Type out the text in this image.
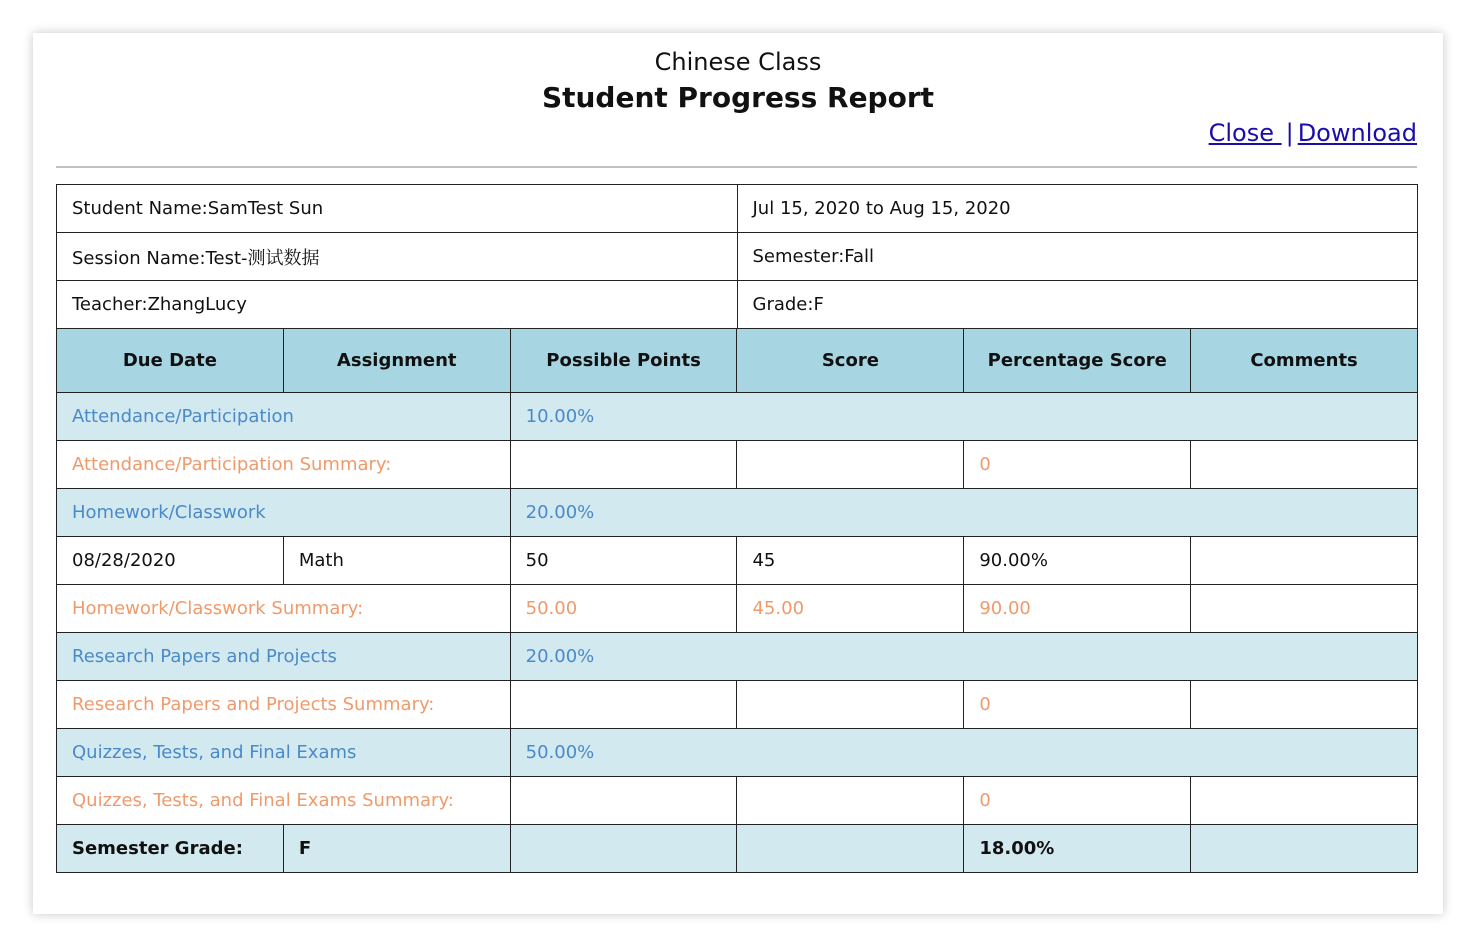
Chinese Class
Student Progress Report
Close | Download
Student Name:SamTest Sun	Jul 15, 2020 to Aug 15, 2020
Session Name:Test-测试数据	Semester:Fall
Teacher:ZhangLucy	Grade:F
Due Date	Assignment	Possible Points	Score	Percentage Score	Comments
Attendance/Participation		10.00%			
Attendance/Participation Summary:				0	
Homework/Classwork		20.00%			
08/28/2020	Math	50	45	90.00%	
Homework/Classwork Summary:		50.00	45.00	90.00	
Research Papers and Projects		20.00%			
Research Papers and Projects Summary:				0	
Quizzes, Tests, and Final Exams		50.00%			
Quizzes, Tests, and Final Exams Summary:				0	
Semester Grade:	F			18.00%	
